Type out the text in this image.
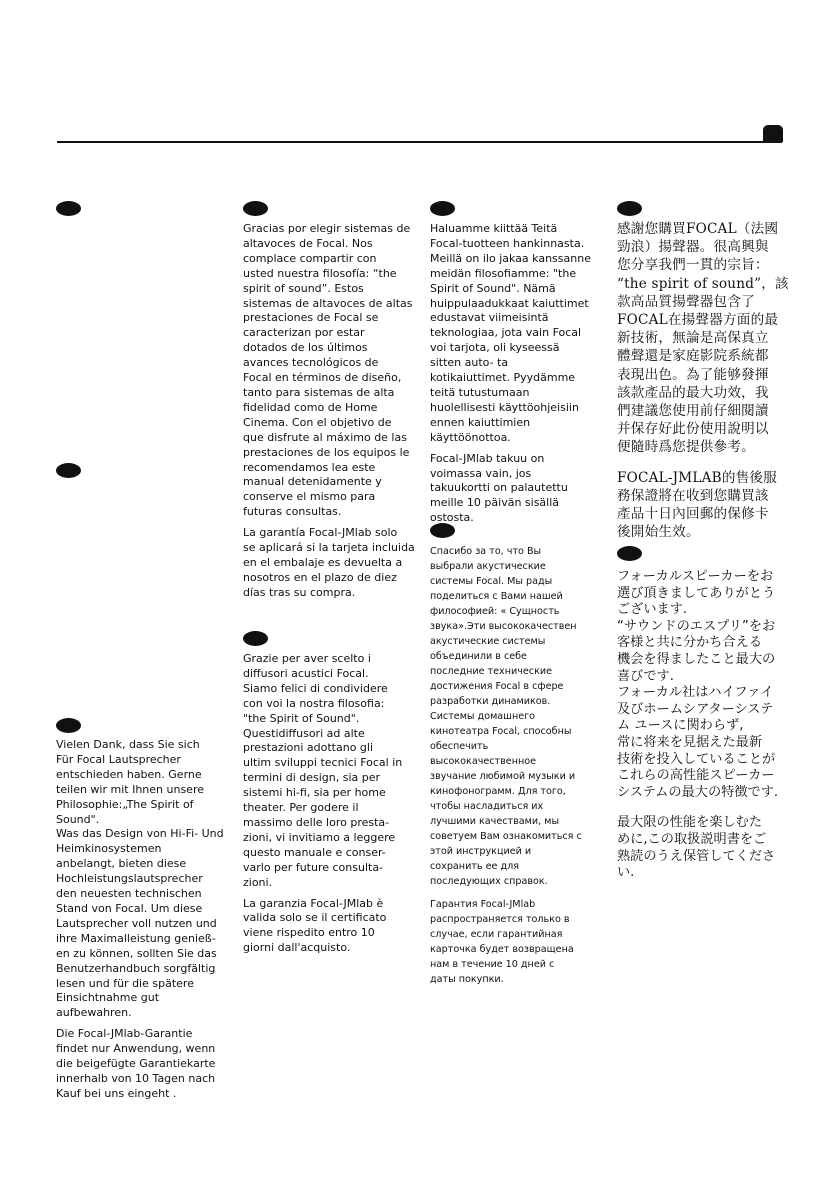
Vielen Dank, dass Sie sich
Für Focal Lautsprecher
entschieden haben. Gerne
teilen wir mit Ihnen unsere
Philosophie:„The Spirit of Sound".
Was das Design von Hi-Fi- Und
Heimkinosystemen
anbelangt, bieten diese
Hochleistungslautsprecher
den neuesten technischen
Stand von Focal. Um diese
Lautsprecher voll nutzen und
ihre Maximalleistung genieß-
en zu können, sollten Sie das
Benutzerhandbuch sorgfältig
lesen und für die spätere
Einsichtnahme gut
aufbewahren.

Die Focal-JMlab-Garantie
findet nur Anwendung, wenn
die beigefügte Garantiekarte
innerhalb von 10 Tagen nach
Kauf bei uns eingeht .

Gracias por elegir sistemas de
altavoces de Focal. Nos
complace compartir con
usted nuestra filosofía: “the
spirit of sound”. Estos
sistemas de altavoces de altas
prestaciones de Focal se
caracterizan por estar
dotados de los últimos
avances tecnológicos de
Focal en términos de diseño,
tanto para sistemas de alta
fidelidad como de Home
Cinema. Con el objetivo de
que disfrute al máximo de las
prestaciones de los equipos le
recomendamos lea este
manual detenidamente y
conserve el mismo para
futuras consultas.

La garantía Focal-JMlab solo
se aplicará si la tarjeta incluida
en el embalaje es devuelta a
nosotros en el plazo de diez
días tras su compra.

Grazie per aver scelto i
diffusori acustici Focal.
Siamo felici di condividere
con voi la nostra filosofia:
"the Spirit of Sound".
Questidiffusori ad alte
prestazioni adottano gli
ultim sviluppi tecnici Focal in
termini di design, sia per
sistemi hi-fi, sia per home
theater. Per godere il
massimo delle loro presta-
zioni, vi invitiamo a leggere
questo manuale e conser-
varlo per future consulta-
zioni.

La garanzia Focal-JMlab è
valida solo se il certificato
viene rispedito entro 10
giorni dall'acquisto.

Haluamme kiittää Teitä
Focal-tuotteen hankinnasta.
Meillä on ilo jakaa kanssanne
meidän filosofiamme: "the
Spirit of Sound". Nämä
huippulaadukkaat kaiuttimet
edustavat viimeisintä
teknologiaa, jota vain Focal
voi tarjota, oli kyseessä
sitten auto- ta
kotikaiuttimet. Pyydämme
teitä tutustumaan
huolellisesti käyttöohjeisiin
ennen kaiuttimien
käyttöönottoa.

Focal-JMlab takuu on
voimassa vain, jos
takuukortti on palautettu
meille 10 päivän sisällä
ostosta.

Спасибо за то, что Вы
выбрали акустические
системы Focal. Мы рады
поделиться с Вами нашей
философией: « Сущность
звука».Эти высококачествен
акустические системы
объединили в себе
последние технические
достижения Focal в сфере
разработки динамиков.
Системы домашнего
кинотеатра Focal, способны
обеспечить
высококачественное
звучание любимой музыки и
кинофонограмм. Для того,
чтобы насладиться их
лучшими качествами, мы
советуем Вам ознакомиться с
этой инструкцией и
сохранить ее для
последующих справок.

Гарантия Focal-JMlab
распространяется только в
случае, если гарантийная
карточка будет возвращена
нам в течение 10 дней с
даты покупки.

感謝您購買FOCAL（法國
勁浪）揚聲器。很高興與
您分享我們一貫的宗旨：
“the spirit of sound”，該
款高品質揚聲器包含了
FOCAL在揚聲器方面的最
新技術，無論是高保真立
體聲還是家庭影院系統都
表現出色。為了能够發揮
該款產品的最大功效，我
們建議您使用前仔細閱讀
并保存好此份使用說明以
便隨時爲您提供參考。

FOCAL-JMLAB的售後服
務保證將在收到您購買該
產品十日內回郵的保修卡
後開始生效。

フォーカルスピーカーをお
選び頂きましてありがとう
ございます.
“サウンドのエスプリ”をお
客様と共に分かち合える
機会を得ましたこと最大の
喜びです.
フォーカル社はハイファイ
及びホームシアターシステ
ム ユースに関わらず,
常に将来を見据えた最新
技術を投入していることが
これらの高性能スピーカー
システムの最大の特徴です.

最大限の性能を楽しむた
めに,この取扱説明書をご
熟読のうえ保管してくださ
い.
